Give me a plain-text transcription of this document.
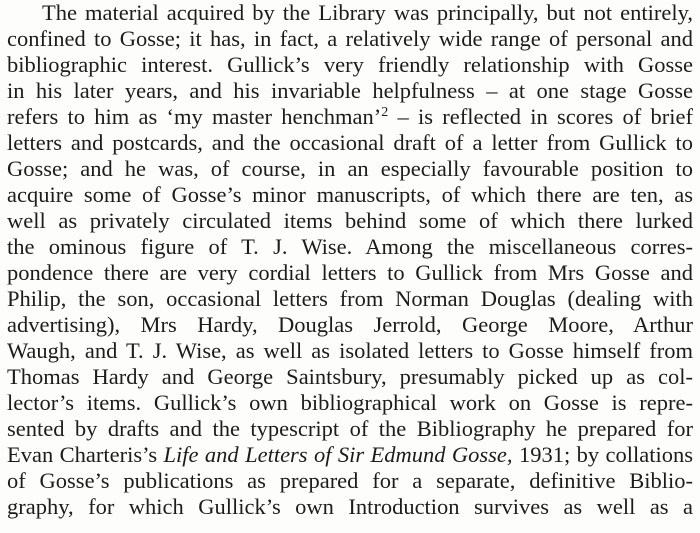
The material acquired by the Library was principally, but not entirely,
confined to Gosse; it has, in fact, a relatively wide range of personal and
bibliographic interest. Gullick’s very friendly relationship with Gosse
in his later years, and his invariable helpfulness – at one stage Gosse
refers to him as ‘my master henchman’$^2$ – is reflected in scores of brief
letters and postcards, and the occasional draft of a letter from Gullick to
Gosse; and he was, of course, in an especially favourable position to
acquire some of Gosse’s minor manuscripts, of which there are ten, as
well as privately circulated items behind some of which there lurked
the ominous figure of T. J. Wise. Among the miscellaneous corres-
pondence there are very cordial letters to Gullick from Mrs Gosse and
Philip, the son, occasional letters from Norman Douglas (dealing with
advertising), Mrs Hardy, Douglas Jerrold, George Moore, Arthur
Waugh, and T. J. Wise, as well as isolated letters to Gosse himself from
Thomas Hardy and George Saintsbury, presumably picked up as col-
lector’s items. Gullick’s own bibliographical work on Gosse is repre-
sented by drafts and the typescript of the Bibliography he prepared for
Evan Charteris’s Life and Letters of Sir Edmund Gosse, 1931; by collations
of Gosse’s publications as prepared for a separate, definitive Biblio-
graphy, for which Gullick’s own Introduction survives as well as a
